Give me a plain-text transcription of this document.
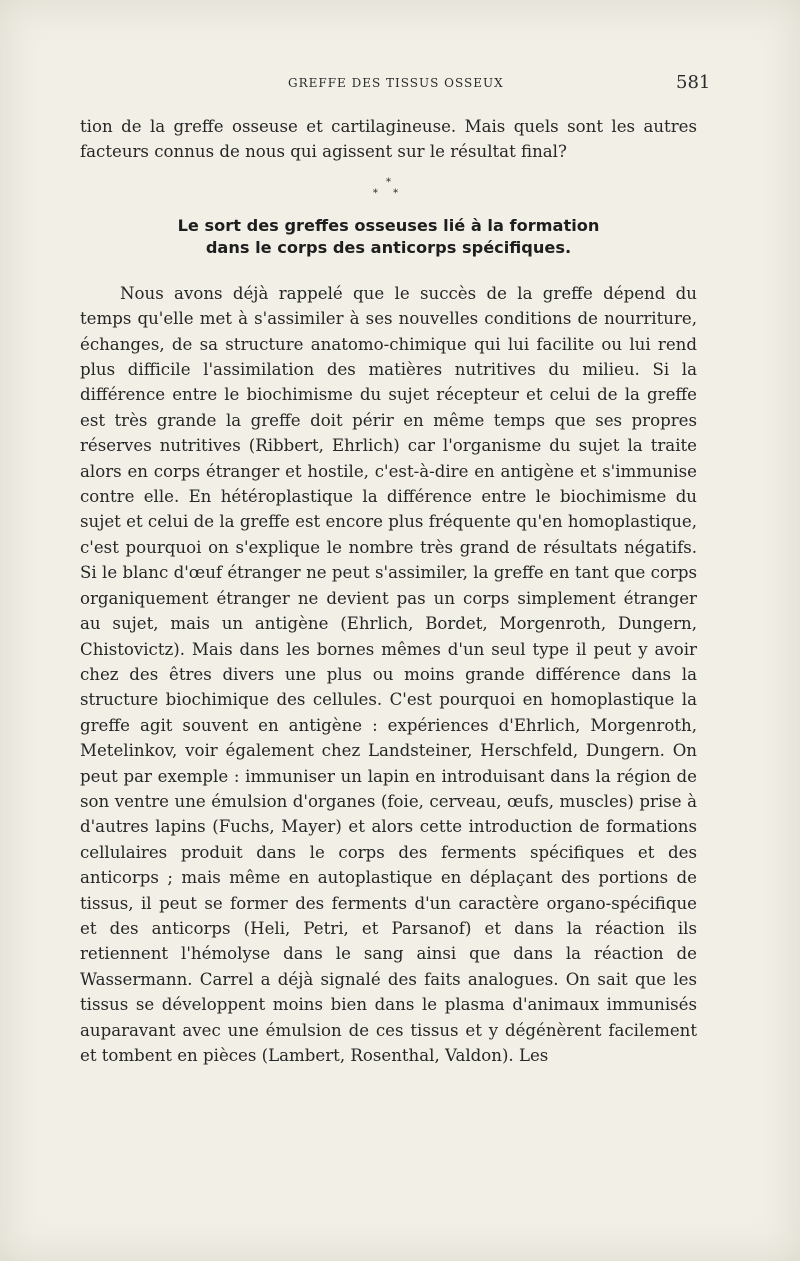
GREFFE DES TISSUS OSSEUX	581

tion de la greffe osseuse et cartilagineuse. Mais quels sont les autres facteurs connus de nous qui agissent sur le résultat final?

*
* *
Le sort des greffes osseuses lié à la formation
dans le corps des anticorps spécifiques.

Nous avons déjà rappelé que le succès de la greffe dépend du temps qu'elle met à s'assimiler à ses nouvelles conditions de nourriture, échanges, de sa structure anatomo-chimique qui lui facilite ou lui rend plus difficile l'assimilation des matières nutritives du milieu. Si la différence entre le biochimisme du sujet récepteur et celui de la greffe est très grande la greffe doit périr en même temps que ses propres réserves nutritives (Ribbert, Ehrlich) car l'organisme du sujet la traite alors en corps étranger et hostile, c'est-à-dire en antigène et s'immunise contre elle. En hétéroplastique la différence entre le biochimisme du sujet et celui de la greffe est encore plus fréquente qu'en homoplastique, c'est pourquoi on s'explique le nombre très grand de résultats négatifs. Si le blanc d'œuf étranger ne peut s'assimiler, la greffe en tant que corps organiquement étranger ne devient pas un corps simplement étranger au sujet, mais un antigène (Ehrlich, Bordet, Morgenroth, Dungern, Chistovictz). Mais dans les bornes mêmes d'un seul type il peut y avoir chez des êtres divers une plus ou moins grande différence dans la structure biochimique des cellules. C'est pourquoi en homoplastique la greffe agit souvent en antigène : expériences d'Ehrlich, Morgenroth, Metelinkov, voir également chez Landsteiner, Herschfeld, Dungern. On peut par exemple : immuniser un lapin en introduisant dans la région de son ventre une émulsion d'organes (foie, cerveau, œufs, muscles) prise à d'autres lapins (Fuchs, Mayer) et alors cette introduction de formations cellulaires produit dans le corps des ferments spécifiques et des anticorps ; mais même en autoplastique en déplaçant des portions de tissus, il peut se former des ferments d'un caractère organo-spécifique et des anticorps (Heli, Petri, et Parsanof) et dans la réaction ils retiennent l'hémolyse dans le sang ainsi que dans la réaction de Wassermann. Carrel a déjà signalé des faits analogues. On sait que les tissus se développent moins bien dans le plasma d'animaux immunisés auparavant avec une émulsion de ces tissus et y dégénèrent facilement et tombent en pièces (Lambert, Rosenthal, Valdon). Les
